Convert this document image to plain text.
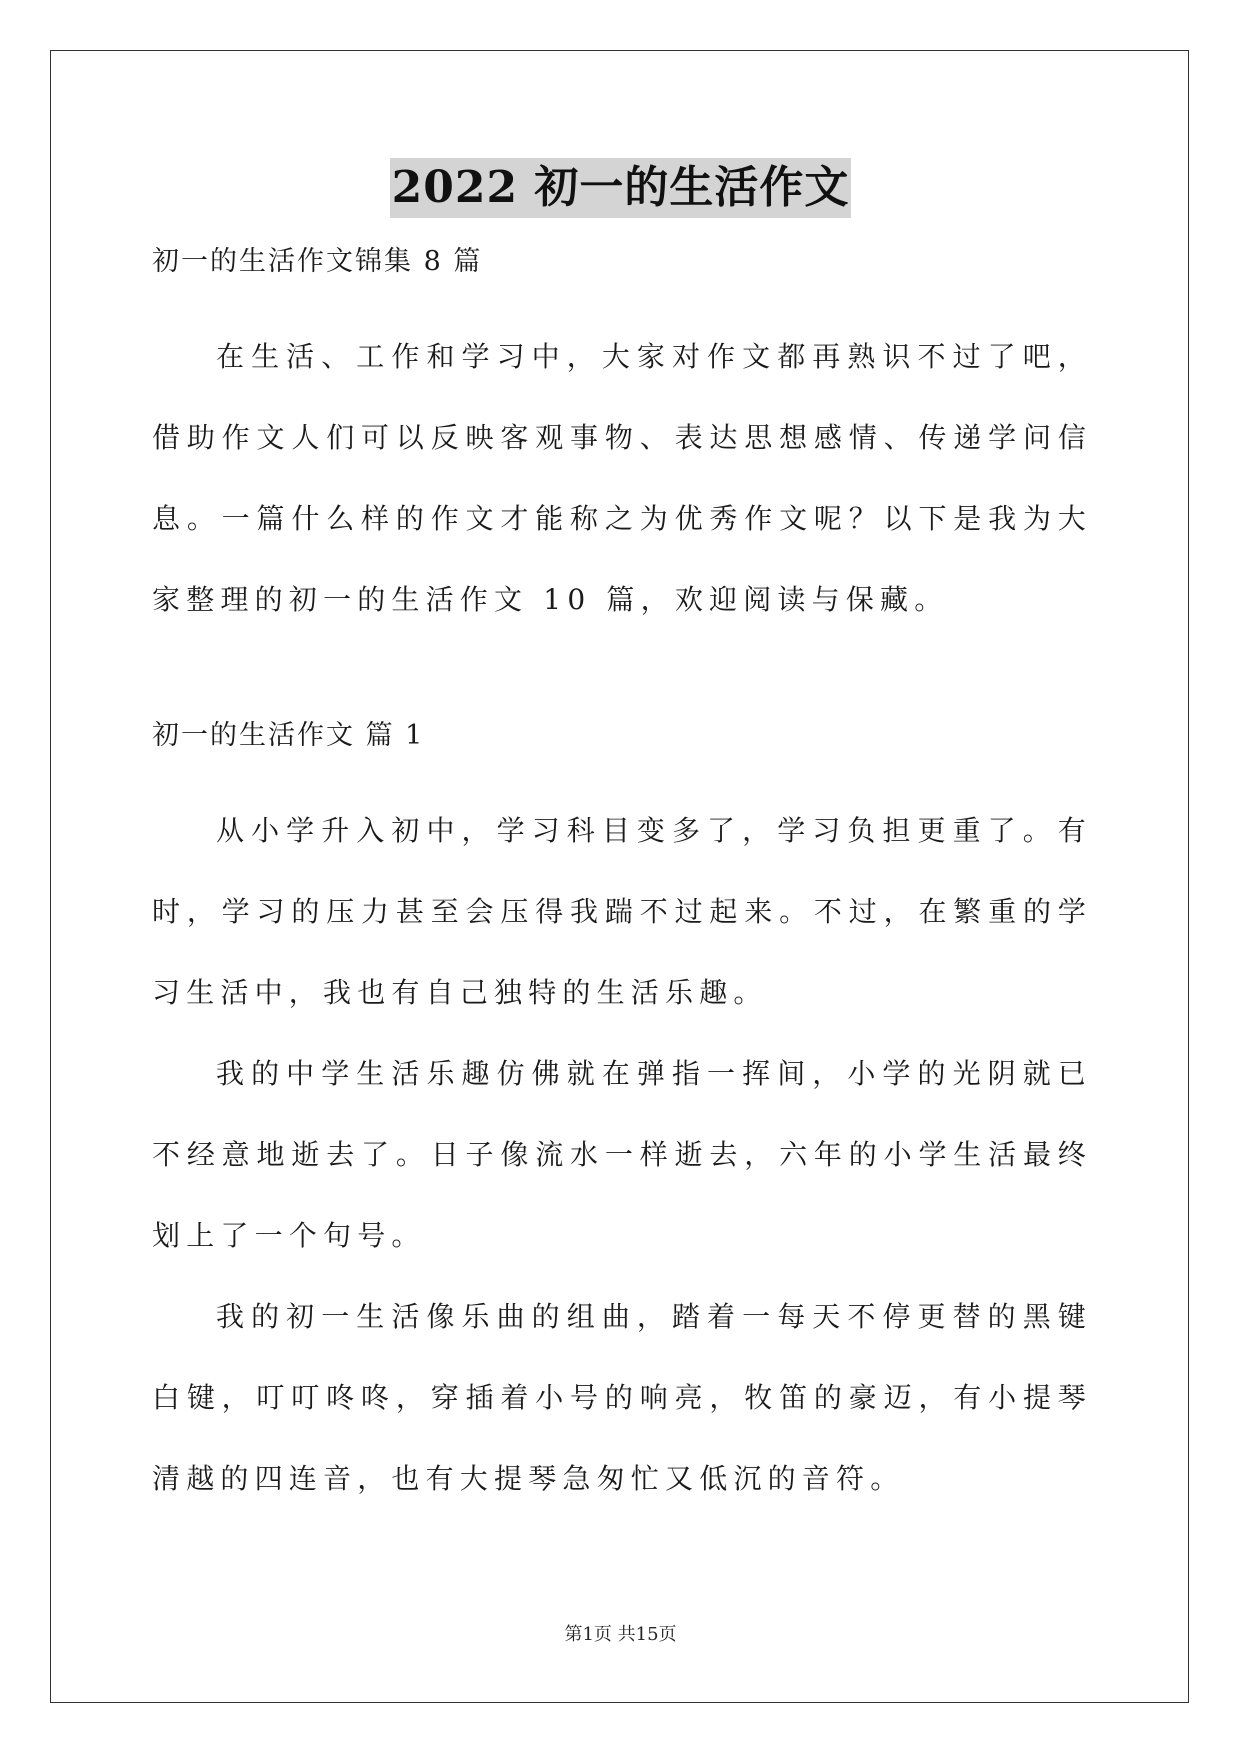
2022 初一的生活作文

初一的生活作文锦集 8 篇

在生活、工作和学习中，大家对作文都再熟识不过了吧，借助作文人们可以反映客观事物、表达思想感情、传递学问信息。一篇什么样的作文才能称之为优秀作文呢？以下是我为大家整理的初一的生活作文 10 篇，欢迎阅读与保藏。

初一的生活作文 篇 1

从小学升入初中，学习科目变多了，学习负担更重了。有时，学习的压力甚至会压得我踹不过起来。不过，在繁重的学习生活中，我也有自己独特的生活乐趣。

我的中学生活乐趣仿佛就在弹指一挥间，小学的光阴就已不经意地逝去了。日子像流水一样逝去，六年的小学生活最终划上了一个句号。

我的初一生活像乐曲的组曲，踏着一每天不停更替的黑键白键，叮叮咚咚，穿插着小号的响亮，牧笛的豪迈，有小提琴清越的四连音，也有大提琴急匆忙又低沉的音符。

第1页 共15页
